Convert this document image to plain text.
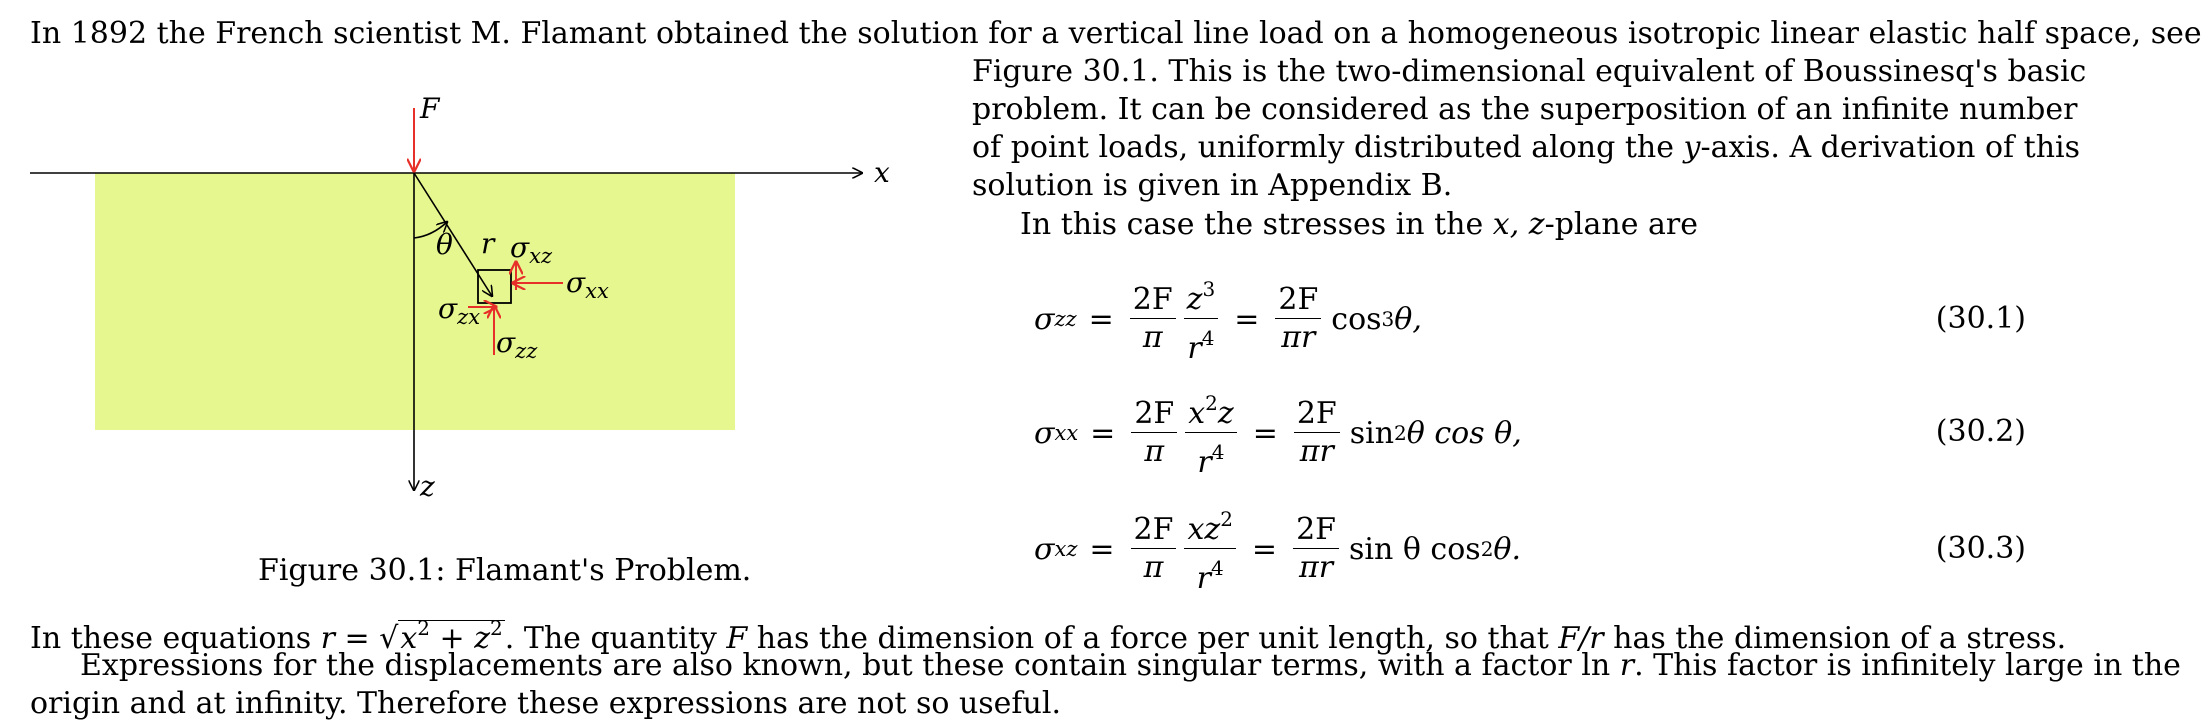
In 1892 the French scientist M. Flamant obtained the solution for a vertical line load on a homogeneous isotropic linear elastic half space, see
Figure 30.1. This is the two-dimensional equivalent of Boussinesq's basic
problem. It can be considered as the superposition of an infinite number
of point loads, uniformly distributed along the y-axis. A derivation of this
solution is given in Appendix B.
In this case the stresses in the x, z-plane are
σ zz = $\frac{2F}{\pi} \frac{z^3}{r^4} = \frac{2F}{\pi r}$ cos 3 θ,	(30.1)
σ xx = $\frac{2F}{\pi} \frac{x^2z}{r^4} = \frac{2F}{\pi r}$ sin 2 θ cos θ,	(30.2)
σ xz = $\frac{2F}{\pi} \frac{xz^2}{r^4} = \frac{2F}{\pi r}$ sin θ cos 2 θ.	(30.3)
F
x
z
θ r $\sigma_{xz}$
$\sigma_{xx}$
$\sigma_{zx}$
$\sigma_{zz}$
Figure 30.1: Flamant's Problem.
In these equations $r = √x^2 + z^2$. The quantity F has the dimension of a force per unit length, so that F/r has the dimension of a stress.
Expressions for the displacements are also known, but these contain singular terms, with a factor ln r. This factor is infinitely large in the
origin and at infinity. Therefore these expressions are not so useful.
